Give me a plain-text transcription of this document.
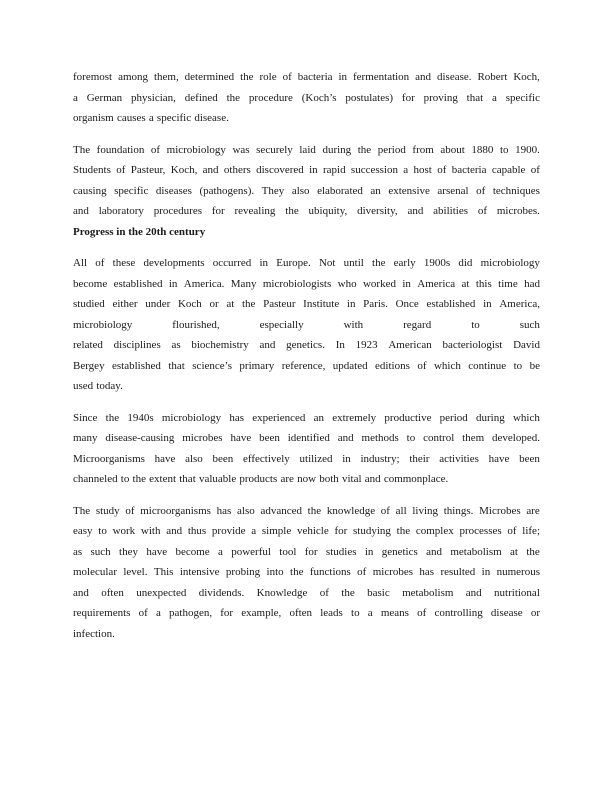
foremost among them, determined the role of bacteria in fermentation and disease. Robert Koch,
a German physician, defined the procedure (Koch’s postulates) for proving that a specific
organism causes a specific disease.
The foundation of microbiology was securely laid during the period from about 1880 to 1900.
Students of Pasteur, Koch, and others discovered in rapid succession a host of bacteria capable of
causing specific diseases (pathogens). They also elaborated an extensive arsenal of techniques
and laboratory procedures for revealing the ubiquity, diversity, and abilities of microbes.
Progress in the 20th century
All of these developments occurred in Europe. Not until the early 1900s did microbiology
become established in America. Many microbiologists who worked in America at this time had
studied either under Koch or at the Pasteur Institute in Paris. Once established in America,
microbiology	flourished,	especially	with	regard	to	such
related disciplines as biochemistry and genetics. In 1923 American bacteriologist David
Bergey established that science’s primary reference, updated editions of which continue to be
used today.
Since the 1940s microbiology has experienced an extremely productive period during which
many disease-causing microbes have been identified and methods to control them developed.
Microorganisms have also been effectively utilized in industry; their activities have been
channeled to the extent that valuable products are now both vital and commonplace.
The study of microorganisms has also advanced the knowledge of all living things. Microbes are
easy to work with and thus provide a simple vehicle for studying the complex processes of life;
as such they have become a powerful tool for studies in genetics and metabolism at the
molecular level. This intensive probing into the functions of microbes has resulted in numerous
and often unexpected dividends. Knowledge of the basic metabolism and nutritional
requirements of a pathogen, for example, often leads to a means of controlling disease or
infection.
